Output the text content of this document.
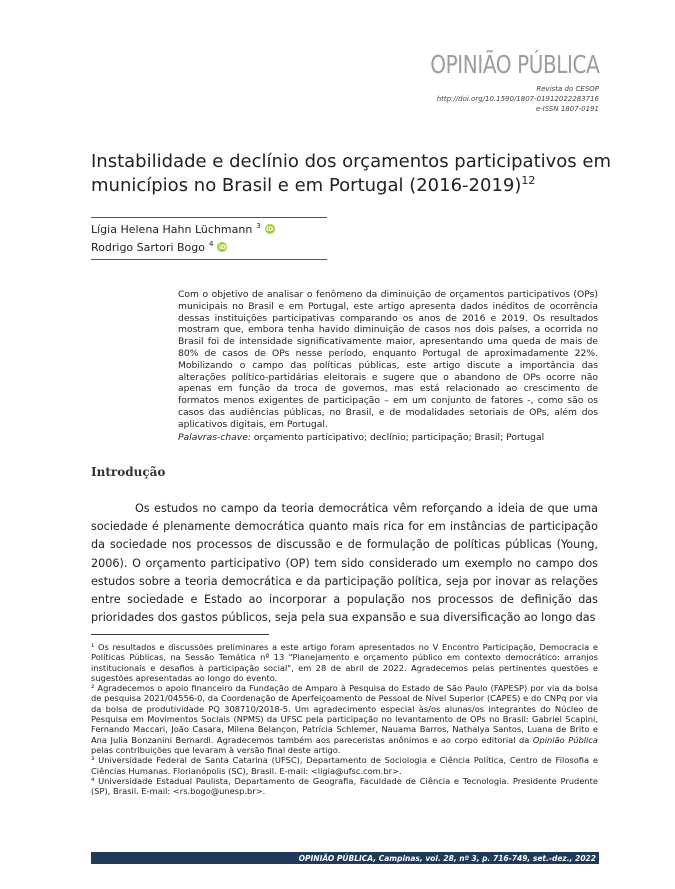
OPINIÃO PÚBLICA
Revista do CESOP
http://doi.org/10.1590/1807-01912022283716
e-ISSN 1807-0191
Instabilidade e declínio dos orçamentos participativos em municípios no Brasil e em Portugal (2016-2019)$^{12}$
Lígia Helena Hahn Lüchmann $^3$ iD
Rodrigo Sartori Bogo $^4$ iD
Com o objetivo de analisar o fenômeno da diminuição de orçamentos participativos (OPs) municipais no Brasil e em Portugal, este artigo apresenta dados inéditos de ocorrência dessas instituições participativas comparando os anos de 2016 e 2019. Os resultados mostram que, embora tenha havido diminuição de casos nos dois países, a ocorrida no Brasil foi de intensidade significativamente maior, apresentando uma queda de mais de 80% de casos de OPs nesse período, enquanto Portugal de aproximadamente 22%. Mobilizando o campo das políticas públicas, este artigo discute a importância das alterações político-partidárias eleitorais e sugere que o abandono de OPs ocorre não apenas em função da troca de governos, mas está relacionado ao crescimento de formatos menos exigentes de participação – em um conjunto de fatores -, como são os casos das audiências públicas, no Brasil, e de modalidades setoriais de OPs, além dos aplicativos digitais, em Portugal.
Palavras-chave: orçamento participativo; declínio; participação; Brasil; Portugal
Introdução
Os estudos no campo da teoria democrática vêm reforçando a ideia de que uma sociedade é plenamente democrática quanto mais rica for em instâncias de participação da sociedade nos processos de discussão e de formulação de políticas públicas (Young, 2006). O orçamento participativo (OP) tem sido considerado um exemplo no campo dos estudos sobre a teoria democrática e da participação política, seja por inovar as relações entre sociedade e Estado ao incorporar a população nos processos de definição das prioridades dos gastos públicos, seja pela sua expansão e sua diversificação ao longo das

¹ Os resultados e discussões preliminares a este artigo foram apresentados no V Encontro Participação, Democracia e Políticas Públicas, na Sessão Temática nº 13 "Planejamento e orçamento público em contexto democrático: arranjos institucionais e desafios à participação social", em 28 de abril de 2022. Agradecemos pelas pertinentes questões e sugestões apresentadas ao longo do evento.

² Agradecemos o apoio financeiro da Fundação de Amparo à Pesquisa do Estado de São Paulo (FAPESP) por via da bolsa de pesquisa 2021/04556-0, da Coordenação de Aperfeiçoamento de Pessoal de Nível Superior (CAPES) e do CNPq por via da bolsa de produtividade PQ 308710/2018-5. Um agradecimento especial às/os alunas/os integrantes do Núcleo de Pesquisa em Movimentos Sociais (NPMS) da UFSC pela participação no levantamento de OPs no Brasil: Gabriel Scapini, Fernando Maccari, João Casara, Milena Belançon, Patrícia Schlemer, Nauama Barros, Nathalya Santos, Luana de Brito e Ana Julia Bonzanini Bernardi. Agradecemos também aos pareceristas anônimos e ao corpo editorial da Opinião Pública pelas contribuições que levaram à versão final deste artigo.

³ Universidade Federal de Santa Catarina (UFSC), Departamento de Sociologia e Ciência Política, Centro de Filosofia e Ciências Humanas. Florianópolis (SC), Brasil. E-mail: <ligia@ufsc.com.br>.

⁴ Universidade Estadual Paulista, Departamento de Geografia, Faculdade de Ciência e Tecnologia. Presidente Prudente (SP), Brasil. E-mail: <rs.bogo@unesp.br>.

OPINIÃO PÚBLICA, Campinas, vol. 28, nº 3, p. 716-749, set.-dez., 2022
